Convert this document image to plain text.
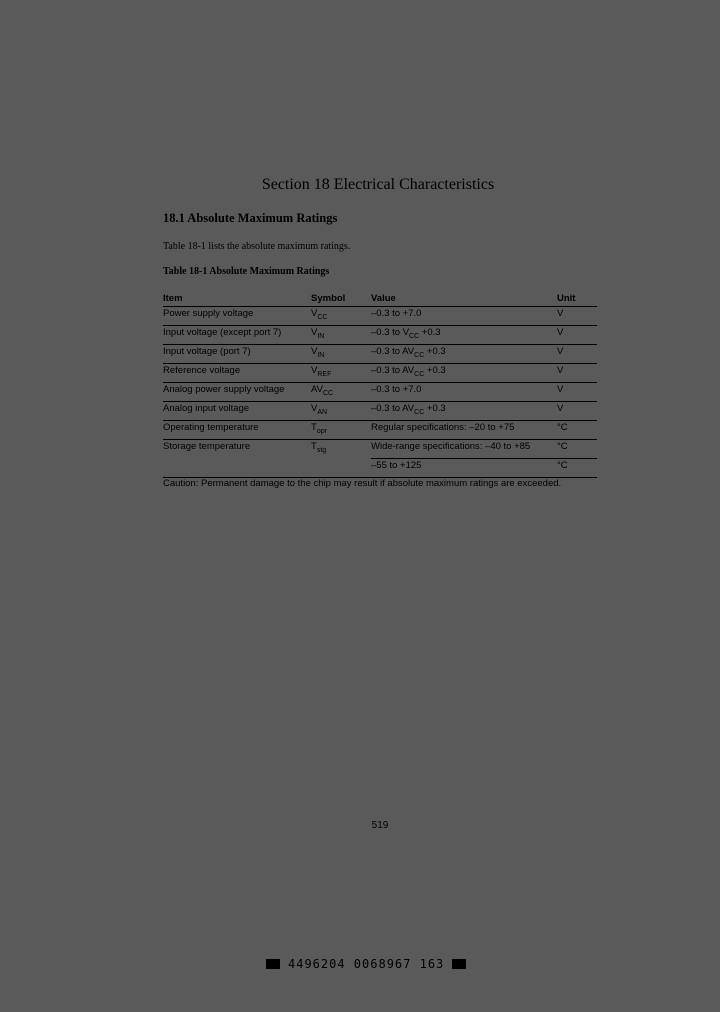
Section 18 Electrical Characteristics
18.1 Absolute Maximum Ratings
Table 18-1 lists the absolute maximum ratings.
Table 18-1 Absolute Maximum Ratings
Item	Symbol	Value	Unit
Power supply voltage	$V_{CC}$	–0.3 to +7.0	V
Input voltage (except port 7)	$V_{IN}$	–0.3 to $V_{CC} +0.3$	V
Input voltage (port 7)	$V_{IN}$	–0.3 to $AV_{CC} +0.3$	V
Reference voltage	$V_{REF}$	–0.3 to $AV_{CC} +0.3$	V
Analog power supply voltage	$AV_{CC}$	–0.3 to +7.0	V
Analog input voltage	$V_{AN}$	–0.3 to $AV_{CC} +0.3$	V
Operating temperature	$T_{opr}$	Regular specifications: –20 to +75	°C
Storage temperature	$T_{stg}$	Wide-range specifications: –40 to +85	°C
		–55 to +125	°C
Caution: Permanent damage to the chip may result if absolute maximum ratings are exceeded.
519
4496204 0068967 163
